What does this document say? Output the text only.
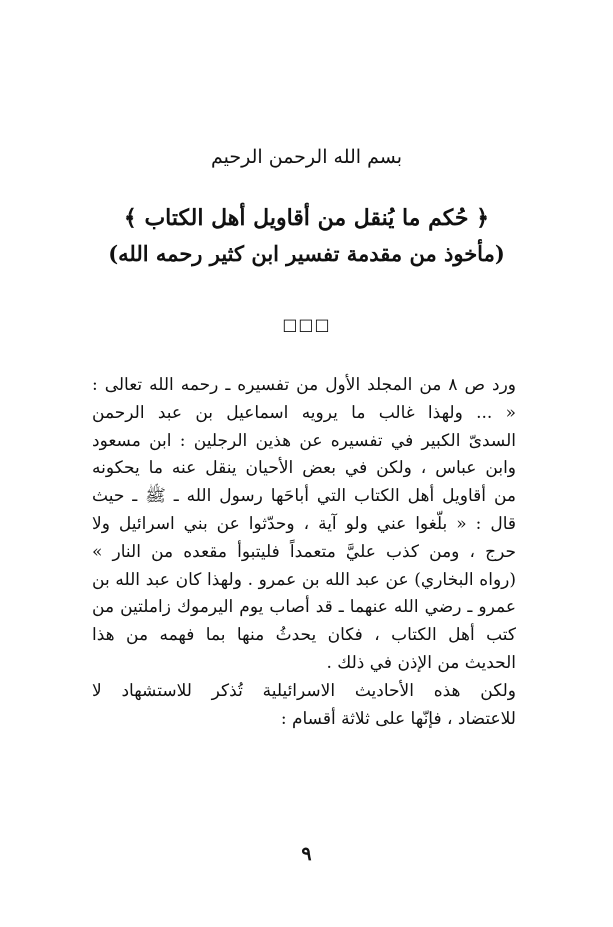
بسم الله الرحمن الرحيم
﴿ حُكم ما يُنقل من أقاويل أهل الكتاب ﴾
(مأخوذ من مقدمة تفسير ابن كثير رحمه الله)
□□□
ورد ص ٨ من المجلد الأول من تفسيره ـ رحمه الله تعالى :
« ... ولهذا غالب ما يرويه اسماعيل بن عبد الرحمن
السدىّ الكبير في تفسيره عن هذين الرجلين : ابن مسعود
وابن عباس ، ولكن في بعض الأحيان ينقل عنه ما يحكونه
من أقاويل أهل الكتاب التي أباحَها رسول الله ـ ﷺ ـ حيث
قال : « بلّغوا عني ولو آية ، وحدّثوا عن بني اسرائيل ولا
حرج ، ومن كذب عليَّ متعمداً فليتبوأ مقعده من النار »
(رواه البخاري) عن عبد الله بن عمرو . ولهذا كان عبد الله بن
عمرو ـ رضي الله عنهما ـ قد أصاب يوم اليرموك زاملتين من
كتب أهل الكتاب ، فكان يحدثُ منها بما فهمه من هذا
الحديث من الإذن في ذلك .
ولكن هذه الأحاديث الاسرائيلية تُذكر للاستشهاد لا
للاعتضاد ، فإنّها على ثلاثة أقسام :
٩
